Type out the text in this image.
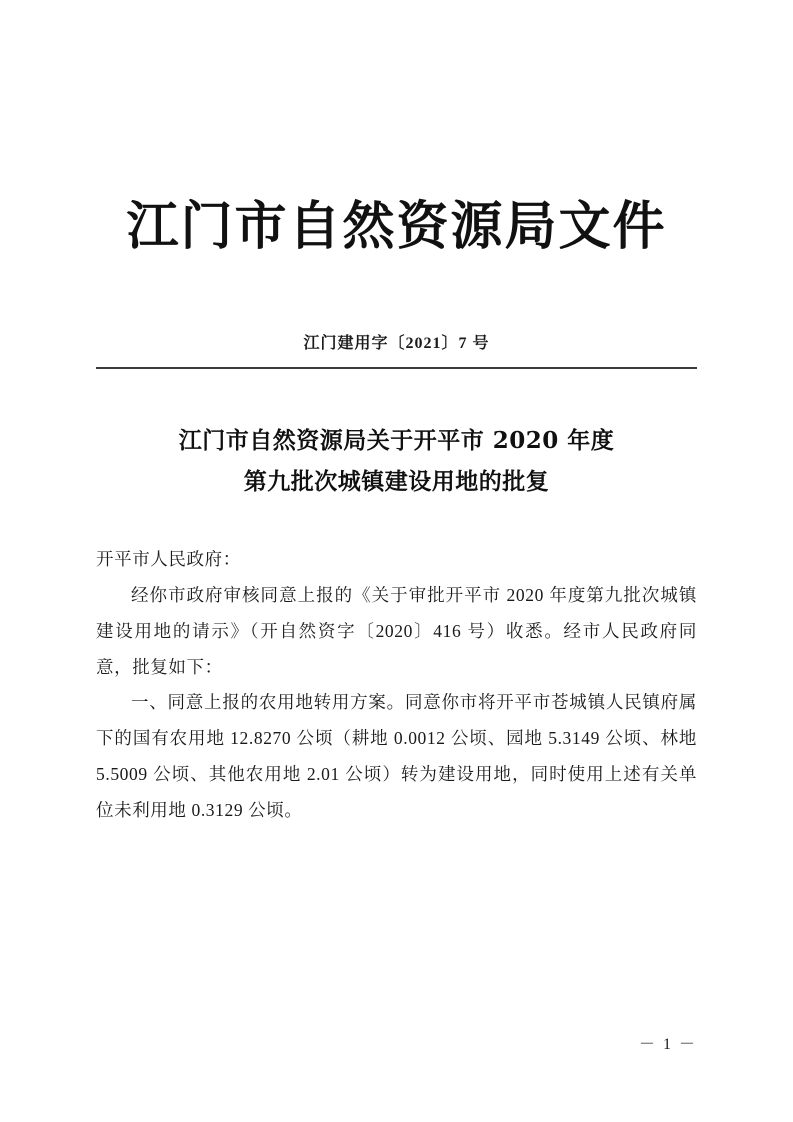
江门市自然资源局文件
江门建用字〔2021〕7 号
江门市自然资源局关于开平市 2020 年度
第九批次城镇建设用地的批复

开平市人民政府：

经你市政府审核同意上报的《关于审批开平市 2020 年度第九批次城镇建设用地的请示》（开自然资字〔2020〕416 号）收悉。经市人民政府同意，批复如下：

一、同意上报的农用地转用方案。同意你市将开平市苍城镇人民镇府属下的国有农用地 12.8270 公顷（耕地 0.0012 公顷、园地 5.3149 公顷、林地 5.5009 公顷、其他农用地 2.01 公顷）转为建设用地，同时使用上述有关单位未利用地 0.3129 公顷。

－ 1 －
